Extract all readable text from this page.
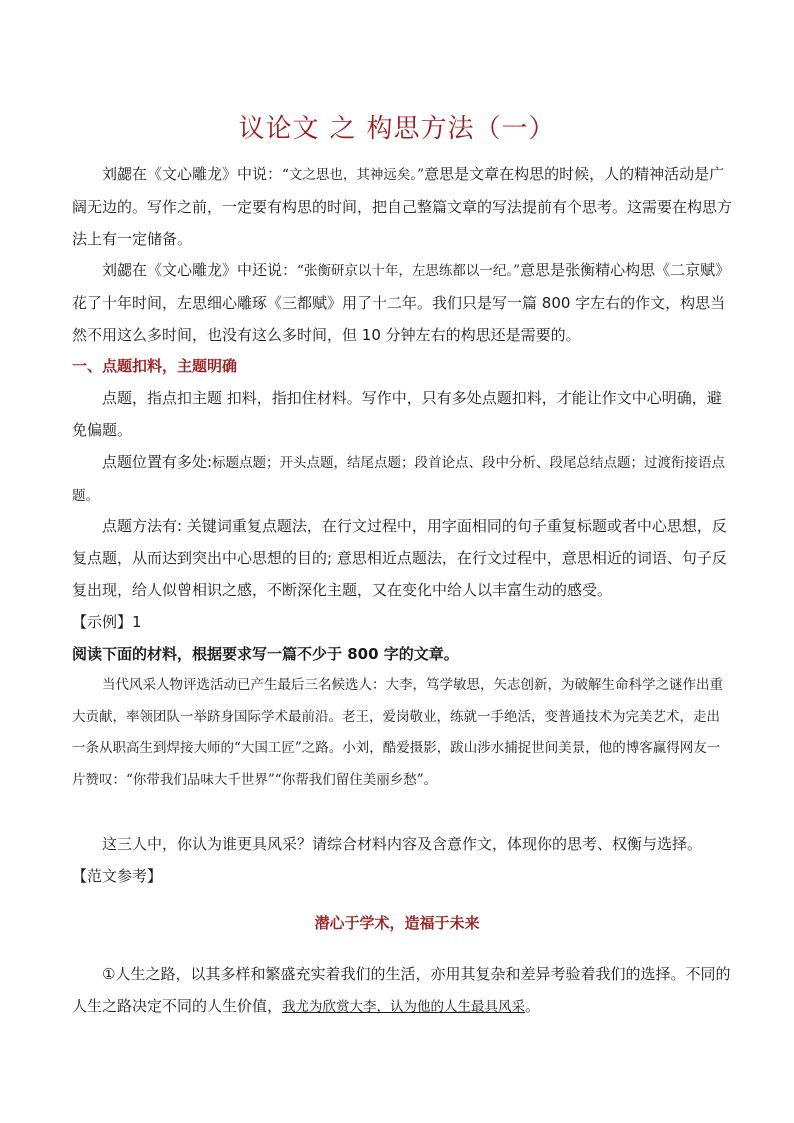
议论文 之 构思方法（一）
刘勰在《文心雕龙》中说：“文之思也，其神远矣。”意思是文章在构思的时候，人的精神活动是广阔无边的。写作之前，一定要有构思的时间，把自己整篇文章的写法提前有个思考。这需要在构思方法上有一定储备。
刘勰在《文心雕龙》中还说：“张衡研京以十年，左思练都以一纪。”意思是张衡精心构思《二京赋》花了十年时间，左思细心雕琢《三都赋》用了十二年。我们只是写一篇 800 字左右的作文，构思当然不用这么多时间，也没有这么多时间，但 10 分钟左右的构思还是需要的。
一、点题扣料，主题明确
点题，指点扣主题 扣料，指扣住材料。写作中，只有多处点题扣料，才能让作文中心明确，避免偏题。
点题位置有多处:标题点题；开头点题，结尾点题；段首论点、段中分析、段尾总结点题；过渡衔接语点题。
点题方法有: 关键词重复点题法，在行文过程中，用字面相同的句子重复标题或者中心思想，反复点题，从而达到突出中心思想的目的; 意思相近点题法，在行文过程中，意思相近的词语、句子反复出现，给人似曾相识之感，不断深化主题，又在变化中给人以丰富生动的感受。
【示例】1
阅读下面的材料，根据要求写一篇不少于 800 字的文章。
当代风采人物评选活动已产生最后三名候选人：大李，笃学敏思，矢志创新，为破解生命科学之谜作出重大贡献，率领团队一举跻身国际学术最前沿。老王，爱岗敬业，练就一手绝活，变普通技术为完美艺术，走出一条从职高生到焊接大师的“大国工匠”之路。小刘，酷爱摄影，跋山涉水捕捉世间美景，他的博客赢得网友一片赞叹：“你带我们品味大千世界”“你帮我们留住美丽乡愁”。
这三人中，你认为谁更具风采？请综合材料内容及含意作文，体现你的思考、权衡与选择。
【范文参考】
潜心于学术，造福于未来
①人生之路，以其多样和繁盛充实着我们的生活，亦用其复杂和差异考验着我们的选择。不同的人生之路决定不同的人生价值，我尤为欣赏大李，认为他的人生最具风采。
